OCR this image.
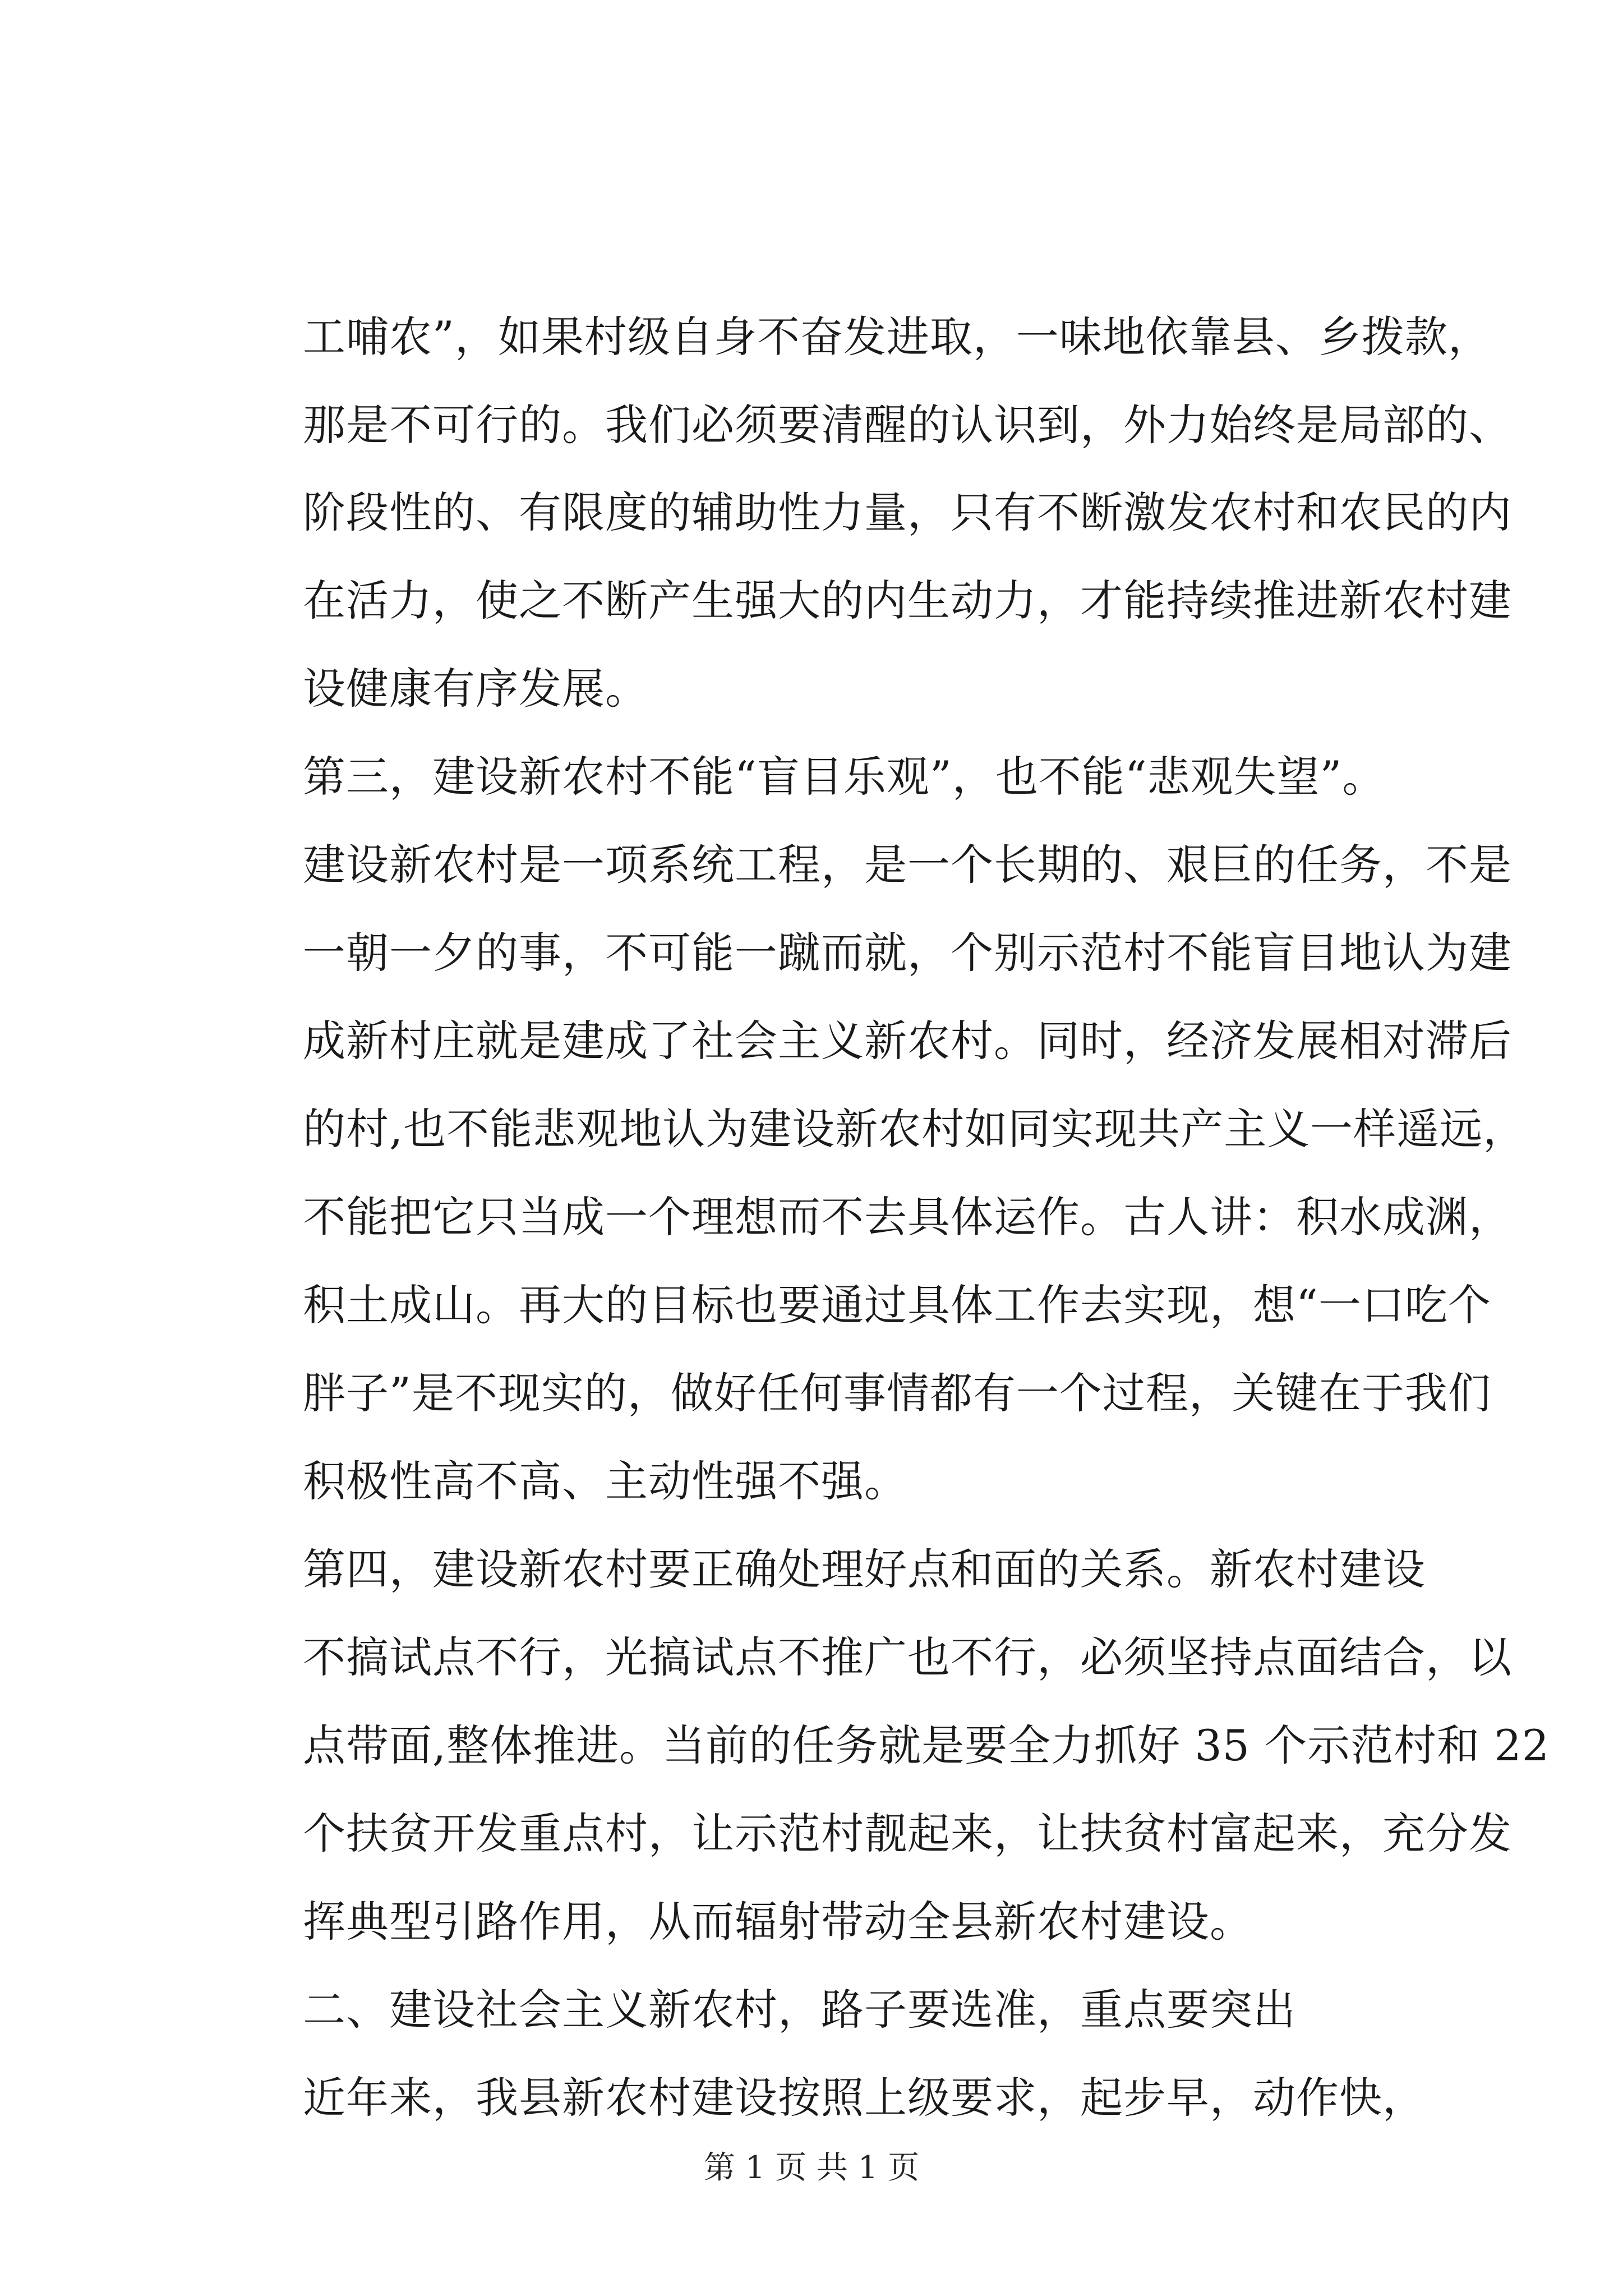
工哺农”，如果村级自身不奋发进取，一味地依靠县、乡拨款，
那是不可行的。我们必须要清醒的认识到，外力始终是局部的、
阶段性的、有限度的辅助性力量，只有不断激发农村和农民的内
在活力，使之不断产生强大的内生动力，才能持续推进新农村建
设健康有序发展。
第三，建设新农村不能“盲目乐观”，也不能“悲观失望”。
建设新农村是一项系统工程，是一个长期的、艰巨的任务，不是
一朝一夕的事，不可能一蹴而就，个别示范村不能盲目地认为建
成新村庄就是建成了社会主义新农村。同时，经济发展相对滞后
的村,也不能悲观地认为建设新农村如同实现共产主义一样遥远，
不能把它只当成一个理想而不去具体运作。古人讲：积水成渊，
积土成山。再大的目标也要通过具体工作去实现，想“一口吃个
胖子”是不现实的，做好任何事情都有一个过程，关键在于我们
积极性高不高、主动性强不强。
第四，建设新农村要正确处理好点和面的关系。新农村建设
不搞试点不行，光搞试点不推广也不行，必须坚持点面结合，以
点带面,整体推进。当前的任务就是要全力抓好 35 个示范村和 22
个扶贫开发重点村，让示范村靓起来，让扶贫村富起来，充分发
挥典型引路作用，从而辐射带动全县新农村建设。
二、建设社会主义新农村，路子要选准，重点要突出
近年来，我县新农村建设按照上级要求，起步早，动作快，
第 1 页 共 1 页
